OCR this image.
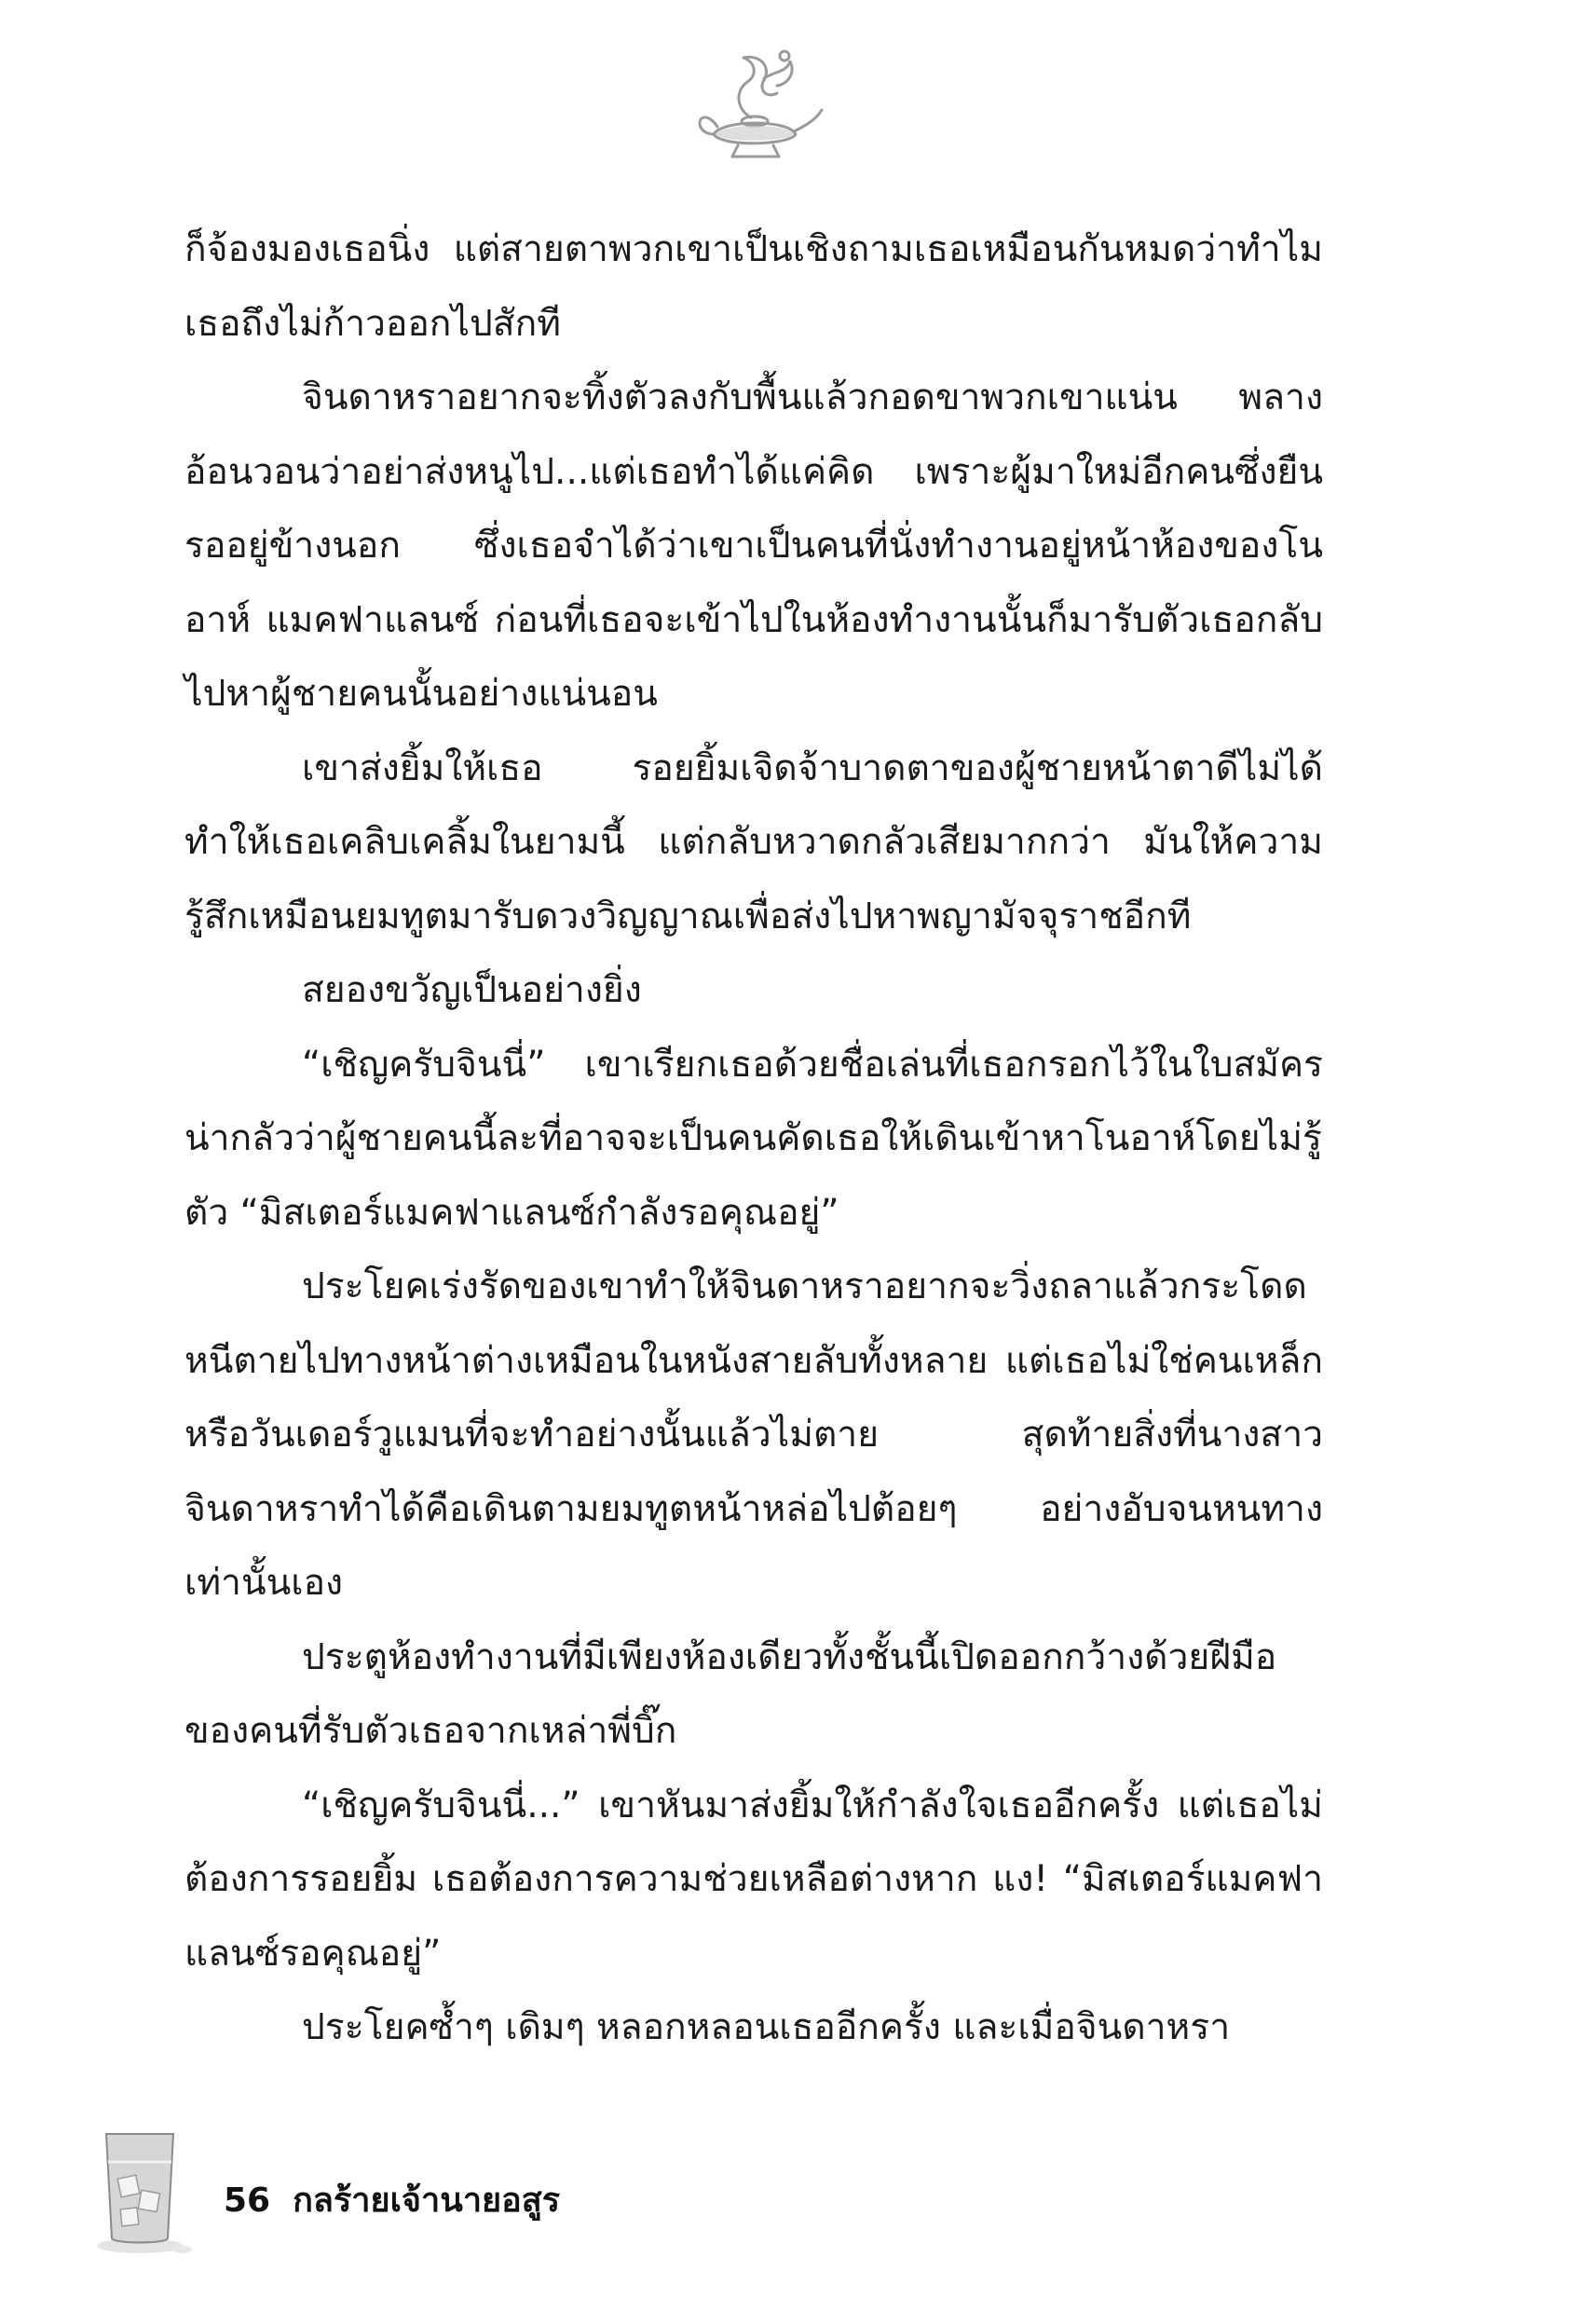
ก็จ้องมองเธอนิ่ง แต่สายตาพวกเขาเป็นเชิงถามเธอเหมือนกันหมดว่าทำไมเธอถึงไม่ก้าวออกไปสักที

จินดาหราอยากจะทิ้งตัวลงกับพื้นแล้วกอดขาพวกเขาแน่น พลางอ้อนวอนว่าอย่าส่งหนูไป...แต่เธอทำได้แค่คิด เพราะผู้มาใหม่อีกคนซึ่งยืนรออยู่ข้างนอก ซึ่งเธอจำได้ว่าเขาเป็นคนที่นั่งทำงานอยู่หน้าห้องของโนอาห์ แมคฟาแลนซ์ ก่อนที่เธอจะเข้าไปในห้องทำงานนั้นก็มารับตัวเธอกลับไปหาผู้ชายคนนั้นอย่างแน่นอน

เขาส่งยิ้มให้เธอ รอยยิ้มเจิดจ้าบาดตาของผู้ชายหน้าตาดีไม่ได้ทำให้เธอเคลิบเคลิ้มในยามนี้ แต่กลับหวาดกลัวเสียมากกว่า มันให้ความรู้สึกเหมือนยมทูตมารับดวงวิญญาณเพื่อส่งไปหาพญามัจจุราชอีกที

สยองขวัญเป็นอย่างยิ่ง

“เชิญครับจินนี่” เขาเรียกเธอด้วยชื่อเล่นที่เธอกรอกไว้ในใบสมัคร น่ากลัวว่าผู้ชายคนนี้ละที่อาจจะเป็นคนคัดเธอให้เดินเข้าหาโนอาห์โดยไม่รู้ตัว “มิสเตอร์แมคฟาแลนซ์กำลังรอคุณอยู่”

ประโยคเร่งรัดของเขาทำให้จินดาหราอยากจะวิ่งถลาแล้วกระโดดหนีตายไปทางหน้าต่างเหมือนในหนังสายลับทั้งหลาย แต่เธอไม่ใช่คนเหล็ก หรือวันเดอร์วูแมนที่จะทำอย่างนั้นแล้วไม่ตาย สุดท้ายสิ่งที่นางสาวจินดาหราทำได้คือเดินตามยมทูตหน้าหล่อไปต้อยๆ อย่างอับจนหนทางเท่านั้นเอง

ประตูห้องทำงานที่มีเพียงห้องเดียวทั้งชั้นนี้เปิดออกกว้างด้วยฝีมือของคนที่รับตัวเธอจากเหล่าพี่บิ๊ก

“เชิญครับจินนี่...” เขาหันมาส่งยิ้มให้กำลังใจเธออีกครั้ง แต่เธอไม่ต้องการรอยยิ้ม เธอต้องการความช่วยเหลือต่างหาก แง! “มิสเตอร์แมคฟาแลนซ์รอคุณอยู่”

ประโยคซ้ำๆ เดิมๆ หลอกหลอนเธออีกครั้ง และเมื่อจินดาหรา

56 กลร้ายเจ้านายอสูร
